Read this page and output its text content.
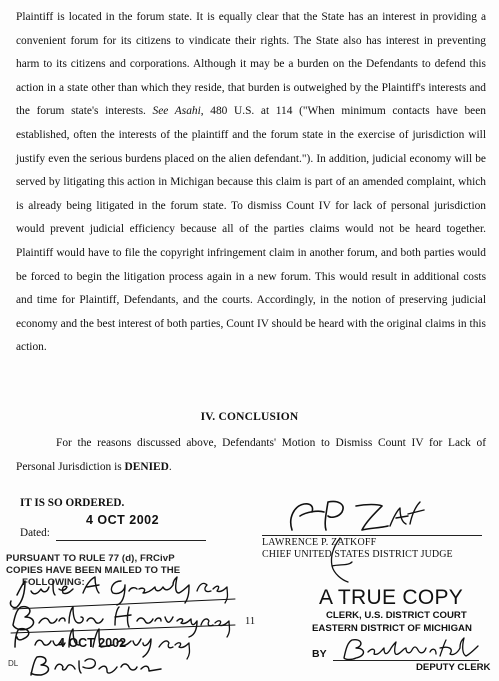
Plaintiff is located in the forum state. It is equally clear that the State has an interest in providing a convenient forum for its citizens to vindicate their rights. The State also has interest in preventing harm to its citizens and corporations. Although it may be a burden on the Defendants to defend this action in a state other than which they reside, that burden is outweighed by the Plaintiff's interests and the forum state's interests. See Asahi, 480 U.S. at 114 ("When minimum contacts have been established, often the interests of the plaintiff and the forum state in the exercise of jurisdiction will justify even the serious burdens placed on the alien defendant."). In addition, judicial economy will be served by litigating this action in Michigan because this claim is part of an amended complaint, which is already being litigated in the forum state. To dismiss Count IV for lack of personal jurisdiction would prevent judicial efficiency because all of the parties claims would not be heard together. Plaintiff would have to file the copyright infringement claim in another forum, and both parties would be forced to begin the litigation process again in a new forum. This would result in additional costs and time for Plaintiff, Defendants, and the courts. Accordingly, in the notion of preserving judicial economy and the best interest of both parties, Count IV should be heard with the original claims in this action.

IV. CONCLUSION
For the reasons discussed above, Defendants' Motion to Dismiss Count IV for Lack of Personal Jurisdiction is DENIED.
IT IS SO ORDERED.
Dated:
4 OCT 2002
LAWRENCE P. ZATKOFF
CHIEF UNITED STATES DISTRICT JUDGE
PURSUANT TO RULE 77 (d), FRCivP
COPIES HAVE BEEN MAILED TO THE
FOLLOWING:
4 OCT 2002
DL
11
A TRUE COPY
CLERK, U.S. DISTRICT COURT
EASTERN DISTRICT OF MICHIGAN
BY
DEPUTY CLERK
